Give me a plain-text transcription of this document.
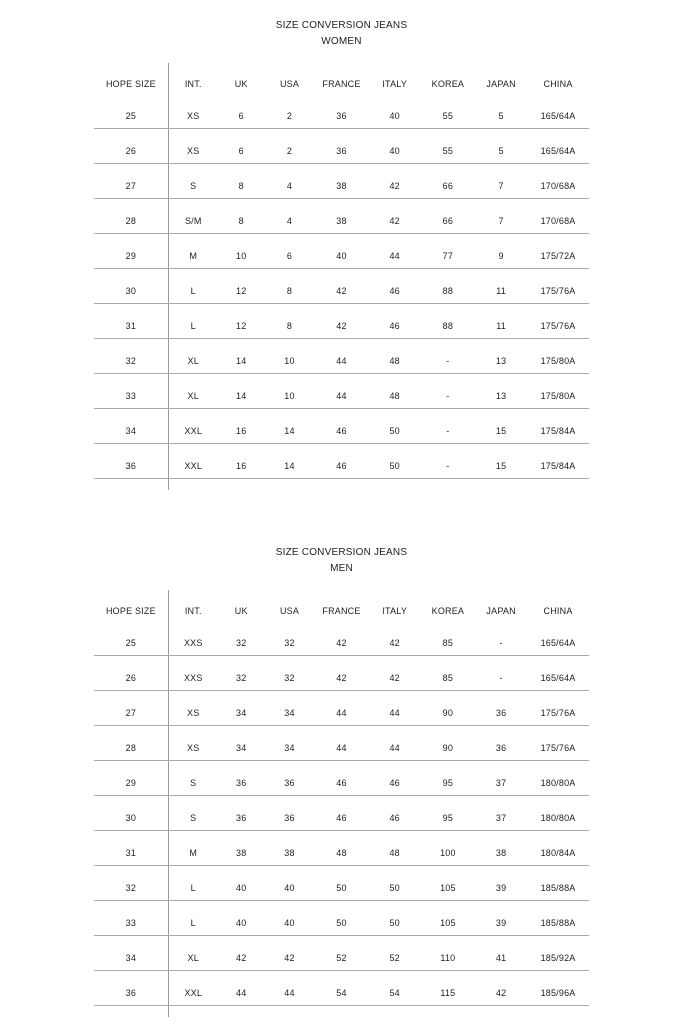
SIZE CONVERSION JEANS
WOMEN
HOPE SIZE	INT.	UK	USA	FRANCE	ITALY	KOREA	JAPAN	CHINA
25	XS	6	2	36	40	55	5	165/64A
26	XS	6	2	36	40	55	5	165/64A
27	S	8	4	38	42	66	7	170/68A
28	S/M	8	4	38	42	66	7	170/68A
29	M	10	6	40	44	77	9	175/72A
30	L	12	8	42	46	88	11	175/76A
31	L	12	8	42	46	88	11	175/76A
32	XL	14	10	44	48	-	13	175/80A
33	XL	14	10	44	48	-	13	175/80A
34	XXL	16	14	46	50	-	15	175/84A
36	XXL	16	14	46	50	-	15	175/84A

SIZE CONVERSION JEANS
MEN
HOPE SIZE	INT.	UK	USA	FRANCE	ITALY	KOREA	JAPAN	CHINA
25	XXS	32	32	42	42	85	-	165/64A
26	XXS	32	32	42	42	85	-	165/64A
27	XS	34	34	44	44	90	36	175/76A
28	XS	34	34	44	44	90	36	175/76A
29	S	36	36	46	46	95	37	180/80A
30	S	36	36	46	46	95	37	180/80A
31	M	38	38	48	48	100	38	180/84A
32	L	40	40	50	50	105	39	185/88A
33	L	40	40	50	50	105	39	185/88A
34	XL	42	42	52	52	110	41	185/92A
36	XXL	44	44	54	54	115	42	185/96A
